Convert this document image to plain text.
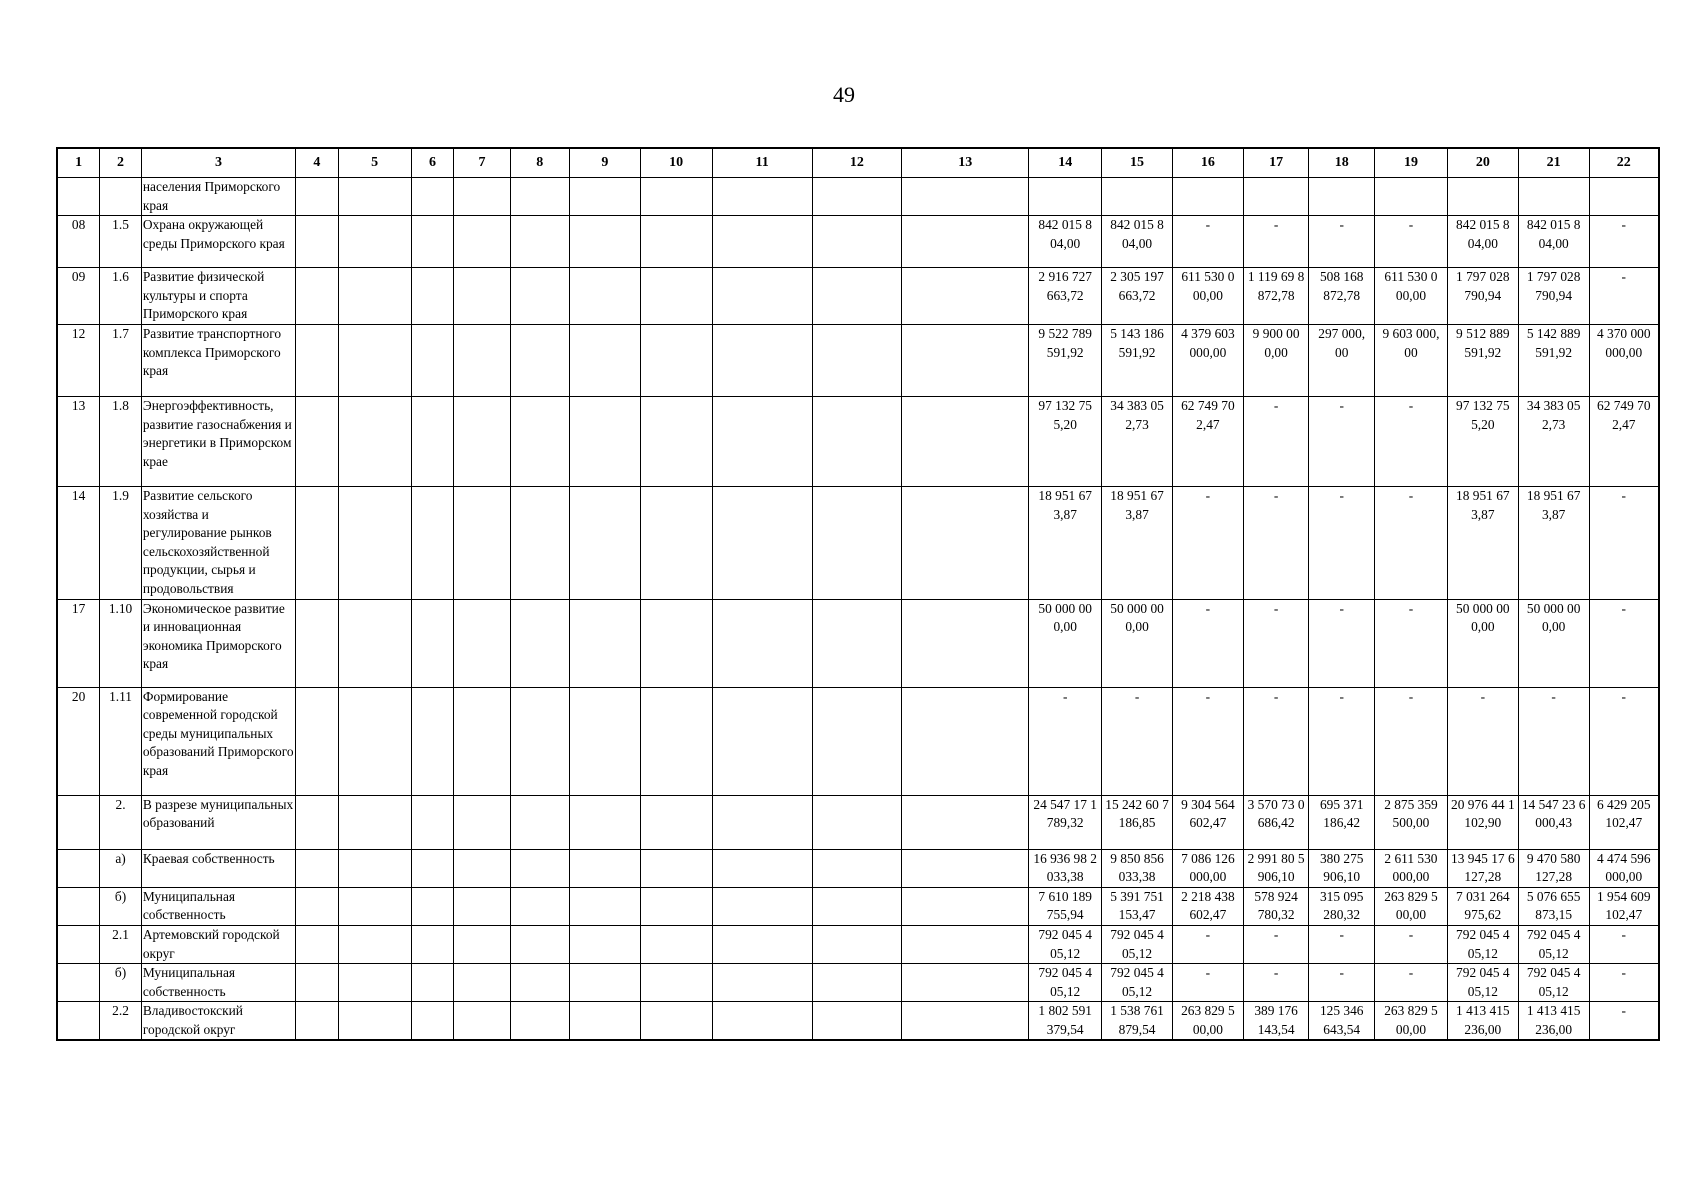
49
1	2	3	4	5	6	7	8	9	10	11	12	13	14	15	16	17	18	19	20	21	22
		населения Приморского края																			
08	1.5	Охрана окружающей среды Приморского края											842 015 8 04,00	842 015 8 04,00	-	-	-	-	842 015 8 04,00	842 015 8 04,00	-
09	1.6	Развитие физической культуры и спорта Приморского края											2 916 727 663,72	2 305 197 663,72	611 530 0 00,00	1 119 69 8 872,78	508 168 872,78	611 530 0 00,00	1 797 028 790,94	1 797 028 790,94	-
12	1.7	Развитие транспортного комплекса Приморского края											9 522 789 591,92	5 143 186 591,92	4 379 603 000,00	9 900 00 0,00	297 000, 00	9 603 000, 00	9 512 889 591,92	5 142 889 591,92	4 370 000 000,00
13	1.8	Энергоэффективность, развитие газоснабжения и энергетики в Приморском крае											97 132 75 5,20	34 383 05 2,73	62 749 70 2,47	-	-	-	97 132 75 5,20	34 383 05 2,73	62 749 70 2,47
14	1.9	Развитие сельского хозяйства и регулирование рынков сельскохозяйственной продукции, сырья и продовольствия											18 951 67 3,87	18 951 67 3,87	-	-	-	-	18 951 67 3,87	18 951 67 3,87	-
17	1.10	Экономическое развитие и инновационная экономика Приморского края											50 000 00 0,00	50 000 00 0,00	-	-	-	-	50 000 00 0,00	50 000 00 0,00	-
20	1.11	Формирование современной городской среды муниципальных образований Приморского края											-	-	-	-	-	-	-	-	-
	2.	В разрезе муниципальных образований											24 547 17 1 789,32	15 242 60 7 186,85	9 304 564 602,47	3 570 73 0 686,42	695 371 186,42	2 875 359 500,00	20 976 44 1 102,90	14 547 23 6 000,43	6 429 205 102,47
	а)	Краевая собственность											16 936 98 2 033,38	9 850 856 033,38	7 086 126 000,00	2 991 80 5 906,10	380 275 906,10	2 611 530 000,00	13 945 17 6 127,28	9 470 580 127,28	4 474 596 000,00
	б)	Муниципальная собственность											7 610 189 755,94	5 391 751 153,47	2 218 438 602,47	578 924 780,32	315 095 280,32	263 829 5 00,00	7 031 264 975,62	5 076 655 873,15	1 954 609 102,47
	2.1	Артемовский городской округ											792 045 4 05,12	792 045 4 05,12	-	-	-	-	792 045 4 05,12	792 045 4 05,12	-
	б)	Муниципальная собственность											792 045 4 05,12	792 045 4 05,12	-	-	-	-	792 045 4 05,12	792 045 4 05,12	-
	2.2	Владивостокский городской округ											1 802 591 379,54	1 538 761 879,54	263 829 5 00,00	389 176 143,54	125 346 643,54	263 829 5 00,00	1 413 415 236,00	1 413 415 236,00	-
